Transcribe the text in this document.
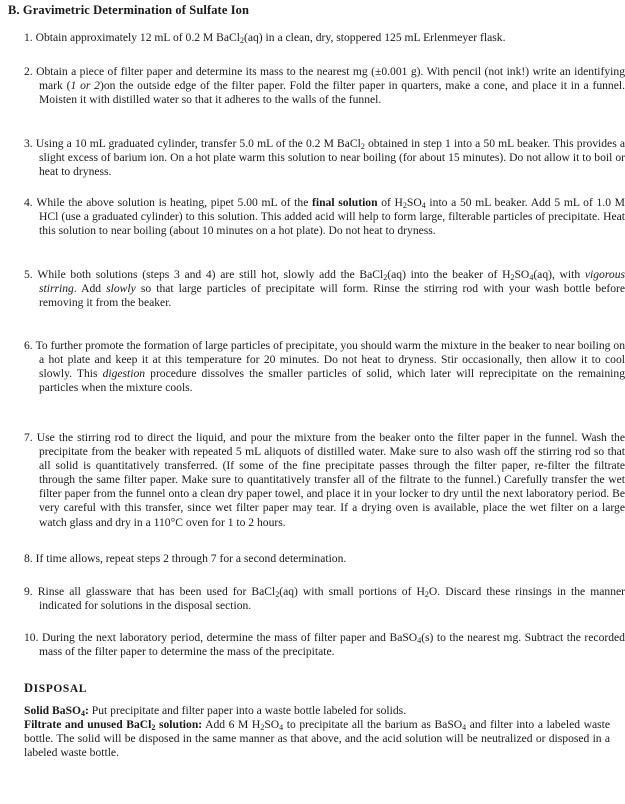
B. Gravimetric Determination of Sulfate Ion
1. Obtain approximately 12 mL of 0.2 M BaCl$_2$(aq) in a clean, dry, stoppered 125 mL Erlenmeyer flask.
2. Obtain a piece of filter paper and determine its mass to the nearest mg (±0.001 g). With pencil (not ink!) write an identifying mark (1 or 2)on the outside edge of the filter paper. Fold the filter paper in quarters, make a cone, and place it in a funnel. Moisten it with distilled water so that it adheres to the walls of the funnel.
3. Using a 10 mL graduated cylinder, transfer 5.0 mL of the 0.2 M BaCl$_2$ obtained in step 1 into a 50 mL beaker. This provides a slight excess of barium ion. On a hot plate warm this solution to near boiling (for about 15 minutes). Do not allow it to boil or heat to dryness.
4. While the above solution is heating, pipet 5.00 mL of the final solution of $H_2SO_4$ into a 50 mL beaker. Add 5 mL of 1.0 M HCl (use a graduated cylinder) to this solution. This added acid will help to form large, filterable particles of precipitate. Heat this solution to near boiling (about 10 minutes on a hot plate). Do not heat to dryness.
5. While both solutions (steps 3 and 4) are still hot, slowly add the BaCl$_2$(aq) into the beaker of $H_2SO_4(aq)$, with vigorous stirring. Add slowly so that large particles of precipitate will form. Rinse the stirring rod with your wash bottle before removing it from the beaker.
6. To further promote the formation of large particles of precipitate, you should warm the mixture in the beaker to near boiling on a hot plate and keep it at this temperature for 20 minutes. Do not heat to dryness. Stir occasionally, then allow it to cool slowly. This digestion procedure dissolves the smaller particles of solid, which later will reprecipitate on the remaining particles when the mixture cools.
7. Use the stirring rod to direct the liquid, and pour the mixture from the beaker onto the filter paper in the funnel. Wash the precipitate from the beaker with repeated 5 mL aliquots of distilled water. Make sure to also wash off the stirring rod so that all solid is quantitatively transferred. (If some of the fine precipitate passes through the filter paper, re-filter the filtrate through the same filter paper. Make sure to quantitatively transfer all of the filtrate to the funnel.) Carefully transfer the wet filter paper from the funnel onto a clean dry paper towel, and place it in your locker to dry until the next laboratory period. Be very careful with this transfer, since wet filter paper may tear. If a drying oven is available, place the wet filter on a large watch glass and dry in a 110°C oven for 1 to 2 hours.
8. If time allows, repeat steps 2 through 7 for a second determination.
9. Rinse all glassware that has been used for BaCl$_2$(aq) with small portions of $H_2O$. Discard these rinsings in the manner indicated for solutions in the disposal section.
10. During the next laboratory period, determine the mass of filter paper and BaSO$_4$(s) to the nearest mg. Subtract the recorded mass of the filter paper to determine the mass of the precipitate.
DISPOSAL
Solid BaSO$_4$: Put precipitate and filter paper into a waste bottle labeled for solids.
Filtrate and unused BaCl$_2$ solution: Add 6 M $H_2SO_4$ to precipitate all the barium as BaSO$_4$ and filter into a labeled waste bottle. The solid will be disposed in the same manner as that above, and the acid solution will be neutralized or disposed in a labeled waste bottle.
